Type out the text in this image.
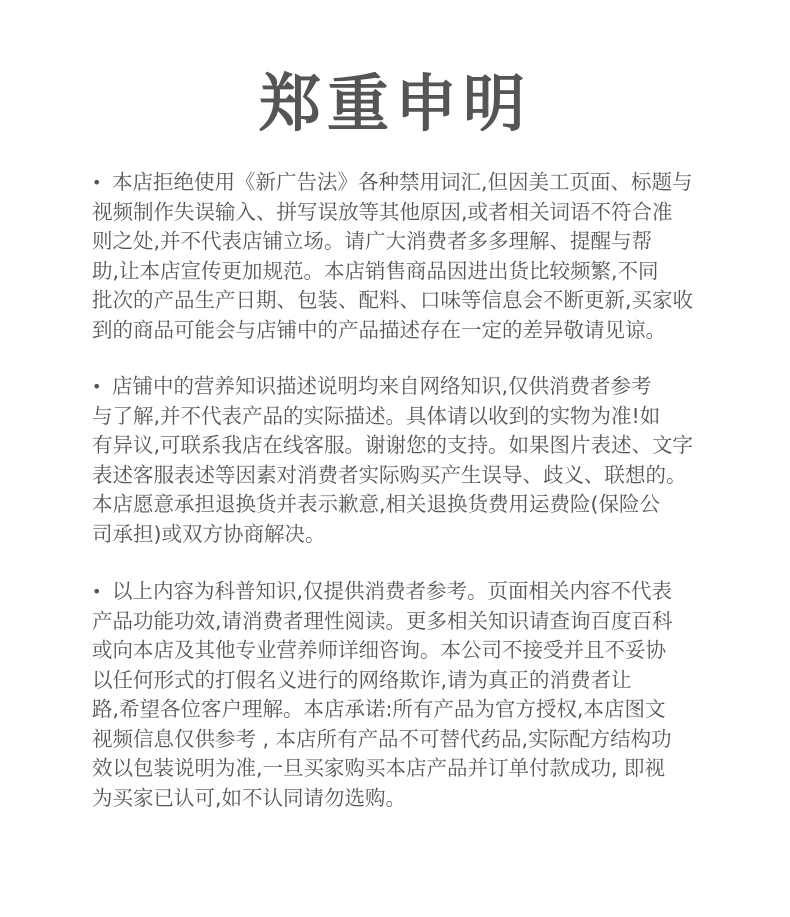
郑重申明
• 本店拒绝使用《新广告法》各种禁用词汇,但因美工页面、标题与
视频制作失误输入、拼写误放等其他原因,或者相关词语不符合准
则之处,并不代表店铺立场。请广大消费者多多理解、提醒与帮
助,让本店宣传更加规范。本店销售商品因进出货比较频繁,不同
批次的产品生产日期、包装、配料、口味等信息会不断更新,买家收
到的商品可能会与店铺中的产品描述存在一定的差异敬请见谅。
• 店铺中的营养知识描述说明均来自网络知识,仅供消费者参考
与了解,并不代表产品的实际描述。具体请以收到的实物为准!如
有异议,可联系我店在线客服。谢谢您的支持。如果图片表述、文字
表述客服表述等因素对消费者实际购买产生误导、歧义、联想的。
本店愿意承担退换货并表示歉意,相关退换货费用运费险(保险公
司承担)或双方协商解决。
• 以上内容为科普知识,仅提供消费者参考。页面相关内容不代表
产品功能功效,请消费者理性阅读。更多相关知识请查询百度百科
或向本店及其他专业营养师详细咨询。本公司不接受并且不妥协
以任何形式的打假名义进行的网络欺诈,请为真正的消费者让
路,希望各位客户理解。本店承诺:所有产品为官方授权,本店图文
视频信息仅供参考 , 本店所有产品不可替代药品,实际配方结构功
效以包装说明为准,一旦买家购买本店产品并订单付款成功, 即视
为买家已认可,如不认同请勿选购。
